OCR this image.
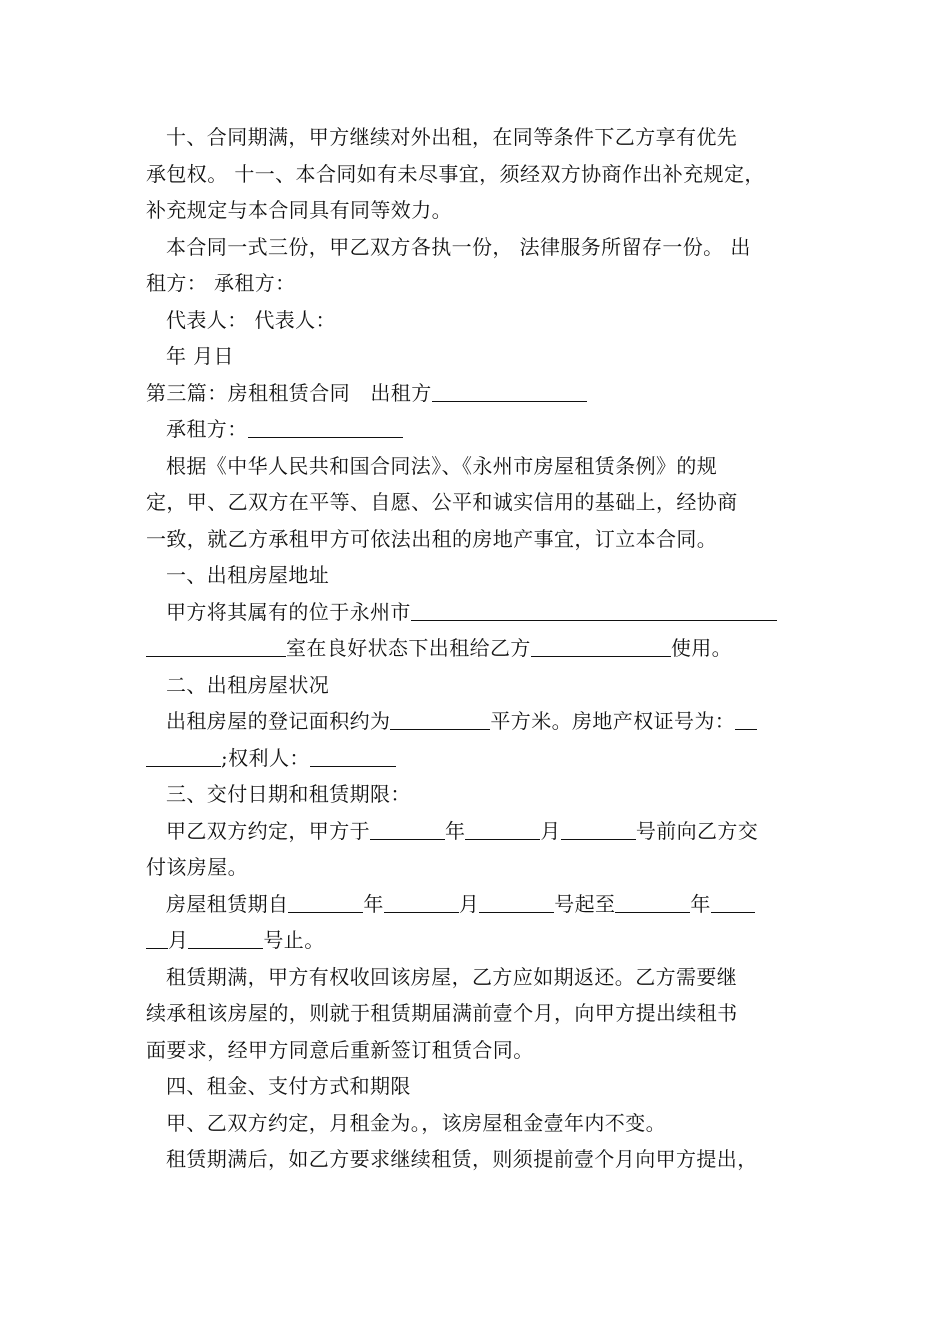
十、合同期满，甲方继续对外出租，在同等条件下乙方享有优先
承包权。 十一、本合同如有未尽事宜，须经双方协商作出补充规定，
补充规定与本合同具有同等效力。
本合同一式三份，甲乙双方各执一份， 法律服务所留存一份。 出
租方： 承租方：
代表人： 代表人：
年 月日
第三篇：房租租赁合同　出租方
承租方：
根据《中华人民共和国合同法》、《永州市房屋租赁条例》的规
定，甲、乙双方在平等、自愿、公平和诚实信用的基础上，经协商
一致，就乙方承租甲方可依法出租的房地产事宜，订立本合同。
一、出租房屋地址
甲方将其属有的位于永州市
室在良好状态下出租给乙方	使用。
二、出租房屋状况
出租房屋的登记面积约为	平方米。房地产权证号为：
;权利人：
三、交付日期和租赁期限：
甲乙双方约定，甲方于	年	月	号前向乙方交
付该房屋。
房屋租赁期自	年	月	号起至	年
月	号止。
租赁期满，甲方有权收回该房屋，乙方应如期返还。乙方需要继
续承租该房屋的，则就于租赁期届满前壹个月，向甲方提出续租书
面要求，经甲方同意后重新签订租赁合同。
四、租金、支付方式和期限
甲、乙双方约定，月租金为。，该房屋租金壹年内不变。
租赁期满后，如乙方要求继续租赁，则须提前壹个月向甲方提出，
